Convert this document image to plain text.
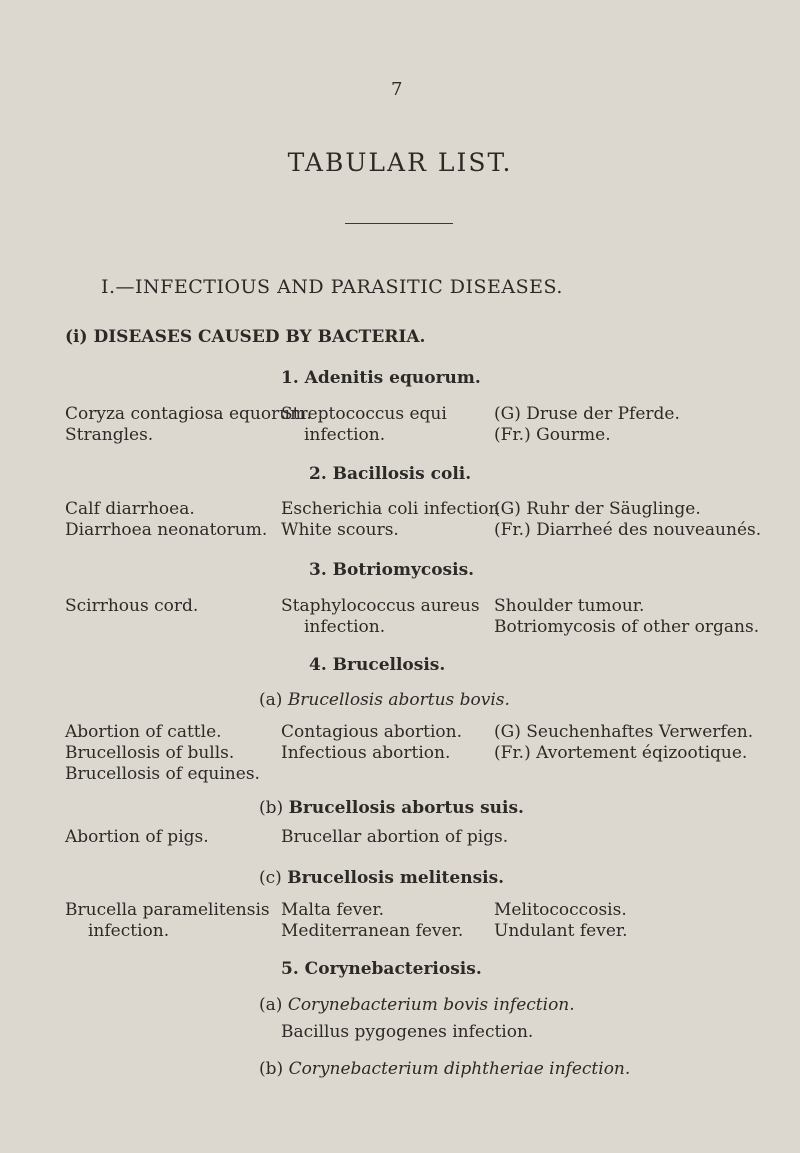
7
TABULAR LIST.
I.—INFECTIOUS AND PARASITIC DISEASES.
(i) DISEASES CAUSED BY BACTERIA.
1. Adenitis equorum.
Coryza contagiosa equorum.
Strangles.
Streptococcus equi
infection.
(G) Druse der Pferde.
(Fr.) Gourme.
2. Bacillosis coli.
Calf diarrhoea.
Diarrhoea neonatorum.
Escherichia coli infection
White scours.
(G) Ruhr der Säuglinge.
(Fr.) Diarrheé des nouveaunés.
3. Botriomycosis.
Scirrhous cord.	Staphylococcus aureus
infection.
Shoulder tumour.
Botriomycosis of other organs.
4. Brucellosis.
(a) Brucellosis abortus bovis.
Abortion of cattle.
Brucellosis of bulls.
Brucellosis of equines.
Contagious abortion.
Infectious abortion.
(G) Seuchenhaftes Verwerfen.
(Fr.) Avortement éqizootique.
(b) Brucellosis abortus suis.
Abortion of pigs.	Brucellar abortion of pigs.
(c) Brucellosis melitensis.
Brucella paramelitensis
infection.
Malta fever.
Mediterranean fever.
Melitococcosis.
Undulant fever.
5. Corynebacteriosis.
(a) Corynebacterium bovis infection.
Bacillus pygogenes infection.
(b) Corynebacterium diphtheriae infection.
